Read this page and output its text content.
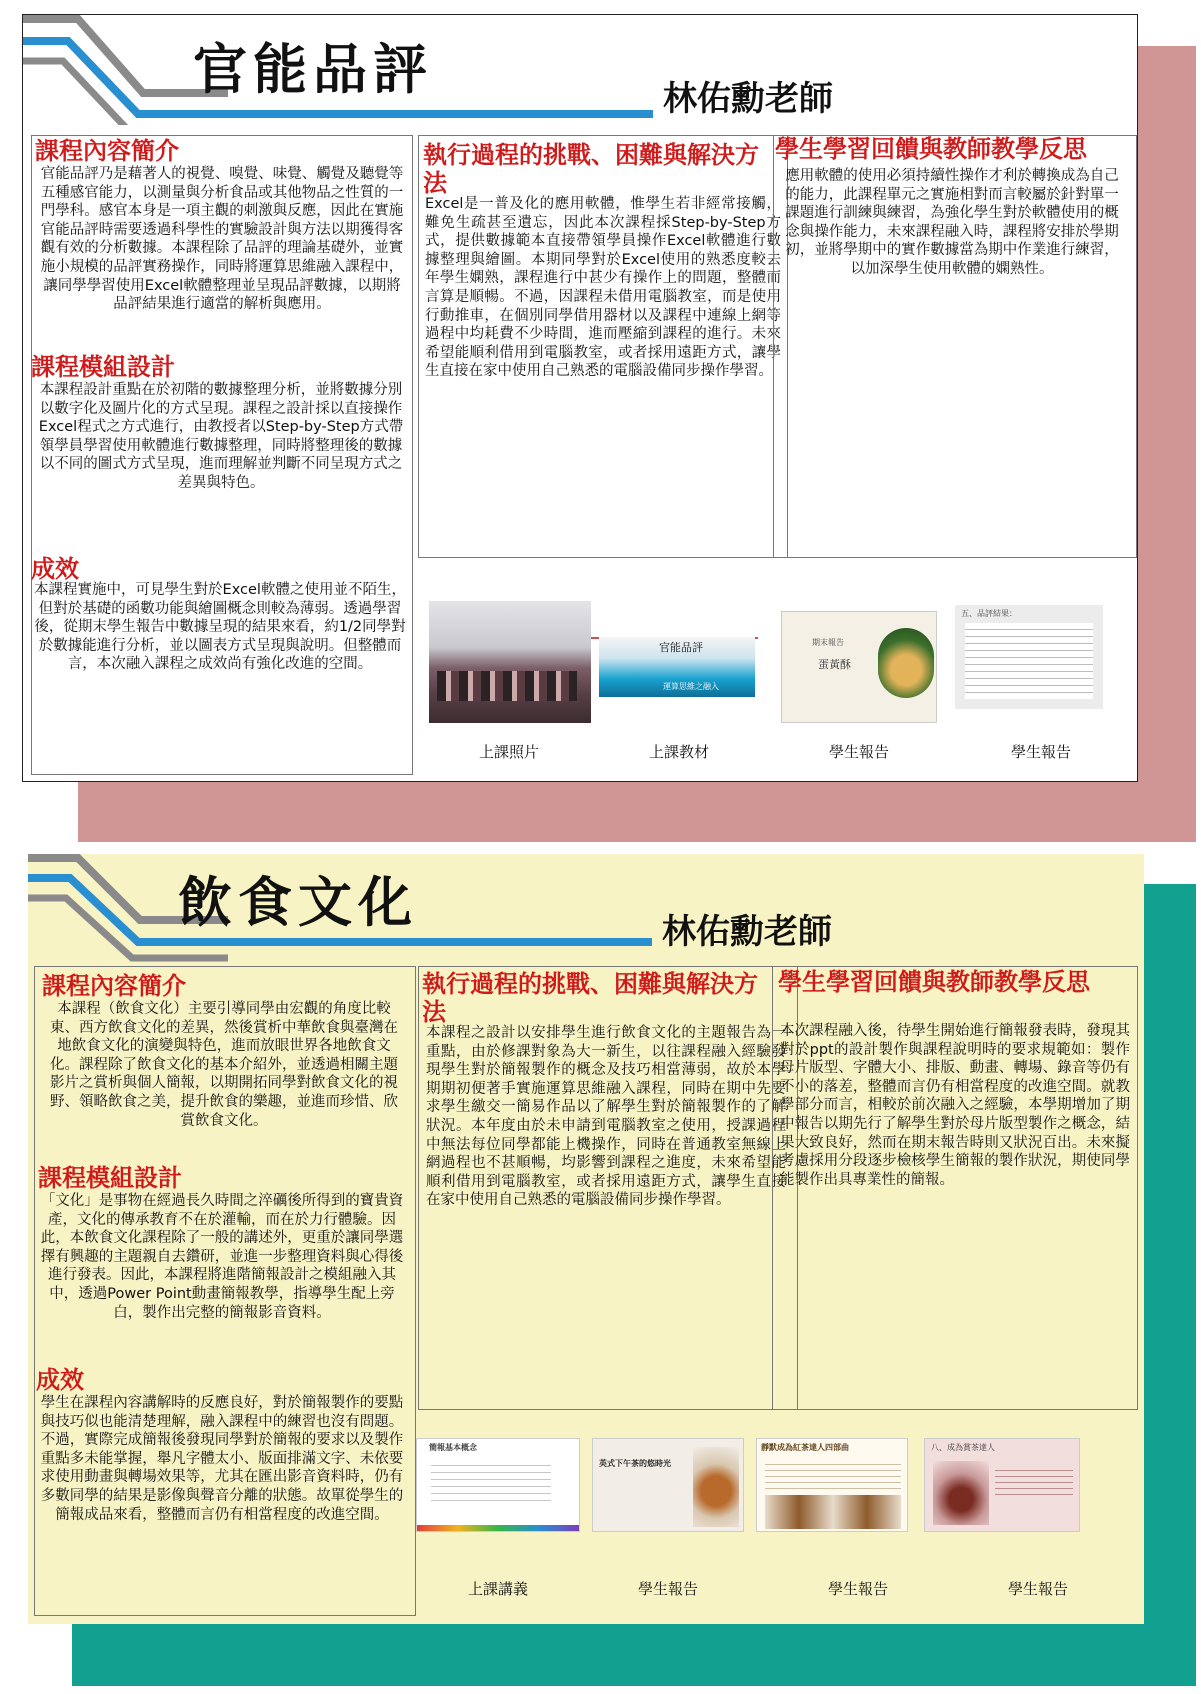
官能品評	林佑勳老師
課程內容簡介
官能品評乃是藉著人的視覺、嗅覺、味覺、觸覺及聽覺等五種感官能力，以測量與分析食品或其他物品之性質的一門學科。感官本身是一項主觀的刺激與反應，因此在實施官能品評時需要透過科學性的實驗設計與方法以期獲得客觀有效的分析數據。本課程除了品評的理論基礎外，並實施小規模的品評實務操作，同時將運算思維融入課程中，讓同學學習使用Excel軟體整理並呈現品評數據，以期將品評結果進行適當的解析與應用。
課程模組設計
本課程設計重點在於初階的數據整理分析，並將數據分別以數字化及圖片化的方式呈現。課程之設計採以直接操作Excel程式之方式進行，由教授者以Step-by-Step方式帶領學員學習使用軟體進行數據整理，同時將整理後的數據以不同的圖式方式呈現，進而理解並判斷不同呈現方式之差異與特色。
成效
本課程實施中，可見學生對於Excel軟體之使用並不陌生，但對於基礎的函數功能與繪圖概念則較為薄弱。透過學習後，從期末學生報告中數據呈現的結果來看，約1/2同學對於數據能進行分析，並以圖表方式呈現與說明。但整體而言，本次融入課程之成效尚有強化改進的空間。
執行過程的挑戰、困難與解決方法
Excel是一普及化的應用軟體，惟學生若非經常接觸，難免生疏甚至遺忘，因此本次課程採Step-by-Step方式，提供數據範本直接帶領學員操作Excel軟體進行數據整理與繪圖。本期同學對於Excel使用的熟悉度較去年學生嫻熟，課程進行中甚少有操作上的問題，整體而言算是順暢。不過，因課程未借用電腦教室，而是使用行動推車，在個別同學借用器材以及課程中連線上網等過程中均耗費不少時間，進而壓縮到課程的進行。未來希望能順利借用到電腦教室，或者採用遠距方式，讓學生直接在家中使用自己熟悉的電腦設備同步操作學習。
學生學習回饋與教師教學反思
應用軟體的使用必須持續性操作才利於轉換成為自己的能力，此課程單元之實施相對而言較屬於針對單一課題進行訓練與練習，為強化學生對於軟體使用的概念與操作能力，未來課程融入時，課程將安排於學期初，並將學期中的實作數據當為期中作業進行練習，以加深學生使用軟體的嫻熟性。
官能品評
運算思維之融入
期末報告
蛋黃酥
五、品評結果：
上課照片	上課教材	學生報告	學生報告
飲食文化	林佑勳老師
課程內容簡介
本課程（飲食文化）主要引導同學由宏觀的角度比較東、西方飲食文化的差異，然後賞析中華飲食與臺灣在地飲食文化的演變與特色，進而放眼世界各地飲食文化。課程除了飲食文化的基本介紹外，並透過相關主題影片之賞析與個人簡報，以期開拓同學對飲食文化的視野、領略飲食之美，提升飲食的樂趣，並進而珍惜、欣賞飲食文化。
課程模組設計
「文化」是事物在經過長久時間之淬礪後所得到的寶貴資產，文化的傳承教育不在於灌輸，而在於力行體驗。因此，本飲食文化課程除了一般的講述外，更重於讓同學選擇有興趣的主題親自去鑽研，並進一步整理資料與心得後進行發表。因此，本課程將進階簡報設計之模組融入其中，透過Power Point動畫簡報教學，指導學生配上旁白，製作出完整的簡報影音資料。
成效
學生在課程內容講解時的反應良好，對於簡報製作的要點與技巧似也能清楚理解，融入課程中的練習也沒有問題。不過，實際完成簡報後發現同學對於簡報的要求以及製作重點多未能掌握，舉凡字體太小、版面排滿文字、未依要求使用動畫與轉場效果等，尤其在匯出影音資料時，仍有多數同學的結果是影像與聲音分離的狀態。故單從學生的簡報成品來看，整體而言仍有相當程度的改進空間。
執行過程的挑戰、困難與解決方法
本課程之設計以安排學生進行飲食文化的主題報告為一重點，由於修課對象為大一新生，以往課程融入經驗發現學生對於簡報製作的概念及技巧相當薄弱，故於本學期期初便著手實施運算思維融入課程，同時在期中先要求學生繳交一簡易作品以了解學生對於簡報製作的了解狀況。本年度由於未申請到電腦教室之使用，授課過程中無法每位同學都能上機操作，同時在普通教室無線上網過程也不甚順暢，均影響到課程之進度，未來希望能順利借用到電腦教室，或者採用遠距方式，讓學生直接在家中使用自己熟悉的電腦設備同步操作學習。
學生學習回饋與教師教學反思
本次課程融入後，待學生開始進行簡報發表時，發現其對於ppt的設計製作與課程說明時的要求規範如：製作母片版型、字體大小、排版、動畫、轉場、錄音等仍有不小的落差，整體而言仍有相當程度的改進空間。就教學部分而言，相較於前次融入之經驗，本學期增加了期中報告以期先行了解學生對於母片版型製作之概念，結果大致良好，然而在期末報告時則又狀況百出。未來擬考慮採用分段逐步檢核學生簡報的製作狀況，期使同學能製作出具專業性的簡報。
簡報基本概念
英式下午茶的悠時光
靜默成為紅茶達人四部曲	八、成為賞茶達人
上課講義	學生報告	學生報告	學生報告
